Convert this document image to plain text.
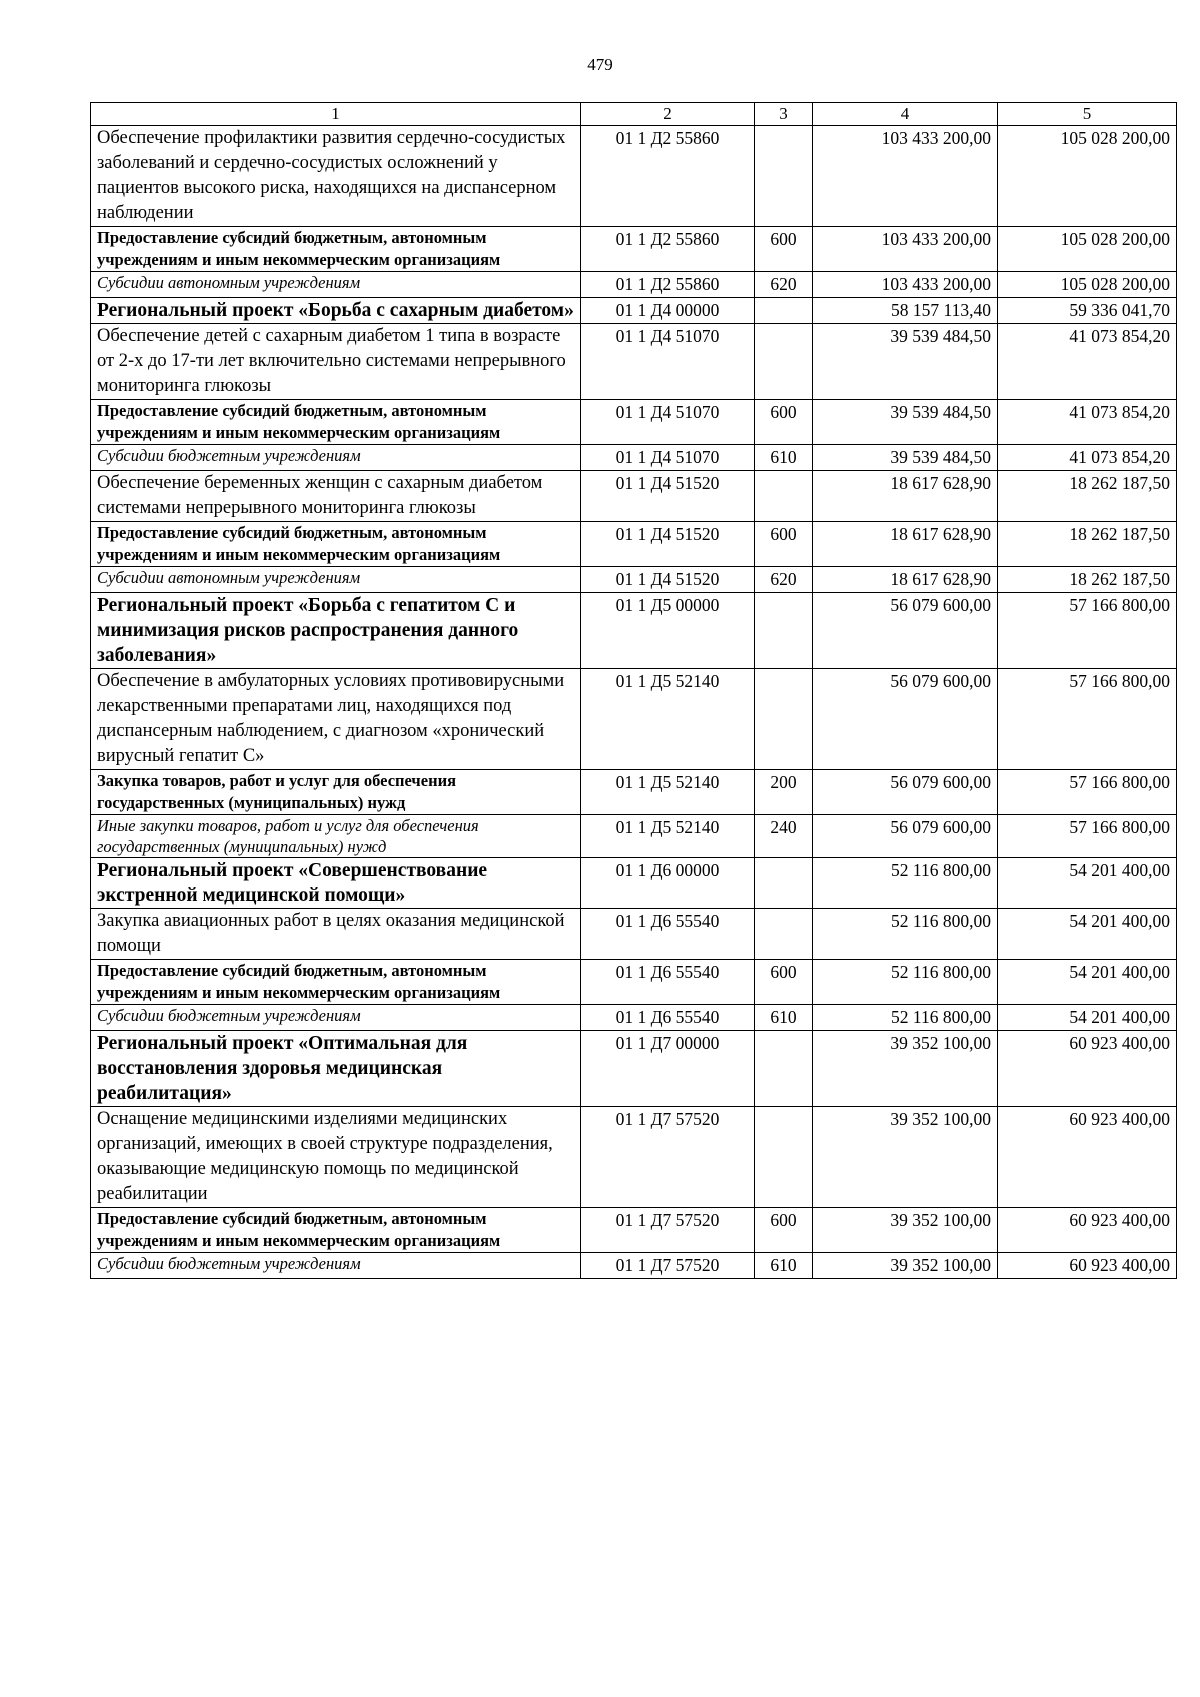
479
1	2	3	4	5
Обеспечение профилактики развития сердечно-сосудистых заболеваний и сердечно-сосудистых осложнений у пациентов высокого риска, находящихся на диспансерном наблюдении	01 1 Д2 55860		103 433 200,00	105 028 200,00
Предоставление субсидий бюджетным, автономным учреждениям и иным некоммерческим организациям	01 1 Д2 55860	600	103 433 200,00	105 028 200,00
Субсидии автономным учреждениям	01 1 Д2 55860	620	103 433 200,00	105 028 200,00
Региональный проект «Борьба с сахарным диабетом»	01 1 Д4 00000		58 157 113,40	59 336 041,70
Обеспечение детей с сахарным диабетом 1 типа в возрасте от 2-х до 17-ти лет включительно системами непрерывного мониторинга глюкозы	01 1 Д4 51070		39 539 484,50	41 073 854,20
Предоставление субсидий бюджетным, автономным учреждениям и иным некоммерческим организациям	01 1 Д4 51070	600	39 539 484,50	41 073 854,20
Субсидии бюджетным учреждениям	01 1 Д4 51070	610	39 539 484,50	41 073 854,20
Обеспечение беременных женщин с сахарным диабетом системами непрерывного мониторинга глюкозы	01 1 Д4 51520		18 617 628,90	18 262 187,50
Предоставление субсидий бюджетным, автономным учреждениям и иным некоммерческим организациям	01 1 Д4 51520	600	18 617 628,90	18 262 187,50
Субсидии автономным учреждениям	01 1 Д4 51520	620	18 617 628,90	18 262 187,50
Региональный проект «Борьба с гепатитом С и минимизация рисков распространения данного заболевания»	01 1 Д5 00000		56 079 600,00	57 166 800,00
Обеспечение в амбулаторных условиях противовирусными лекарственными препаратами лиц, находящихся под диспансерным наблюдением, с диагнозом «хронический вирусный гепатит С»	01 1 Д5 52140		56 079 600,00	57 166 800,00
Закупка товаров, работ и услуг для обеспечения государственных (муниципальных) нужд	01 1 Д5 52140	200	56 079 600,00	57 166 800,00
Иные закупки товаров, работ и услуг для обеспечения государственных (муниципальных) нужд	01 1 Д5 52140	240	56 079 600,00	57 166 800,00
Региональный проект «Совершенствование экстренной медицинской помощи»	01 1 Д6 00000		52 116 800,00	54 201 400,00
Закупка авиационных работ в целях оказания медицинской помощи	01 1 Д6 55540		52 116 800,00	54 201 400,00
Предоставление субсидий бюджетным, автономным учреждениям и иным некоммерческим организациям	01 1 Д6 55540	600	52 116 800,00	54 201 400,00
Субсидии бюджетным учреждениям	01 1 Д6 55540	610	52 116 800,00	54 201 400,00
Региональный проект «Оптимальная для восстановления здоровья медицинская реабилитация»	01 1 Д7 00000		39 352 100,00	60 923 400,00
Оснащение медицинскими изделиями медицинских организаций, имеющих в своей структуре подразделения, оказывающие медицинскую помощь по медицинской реабилитации	01 1 Д7 57520		39 352 100,00	60 923 400,00
Предоставление субсидий бюджетным, автономным учреждениям и иным некоммерческим организациям	01 1 Д7 57520	600	39 352 100,00	60 923 400,00
Субсидии бюджетным учреждениям	01 1 Д7 57520	610	39 352 100,00	60 923 400,00
